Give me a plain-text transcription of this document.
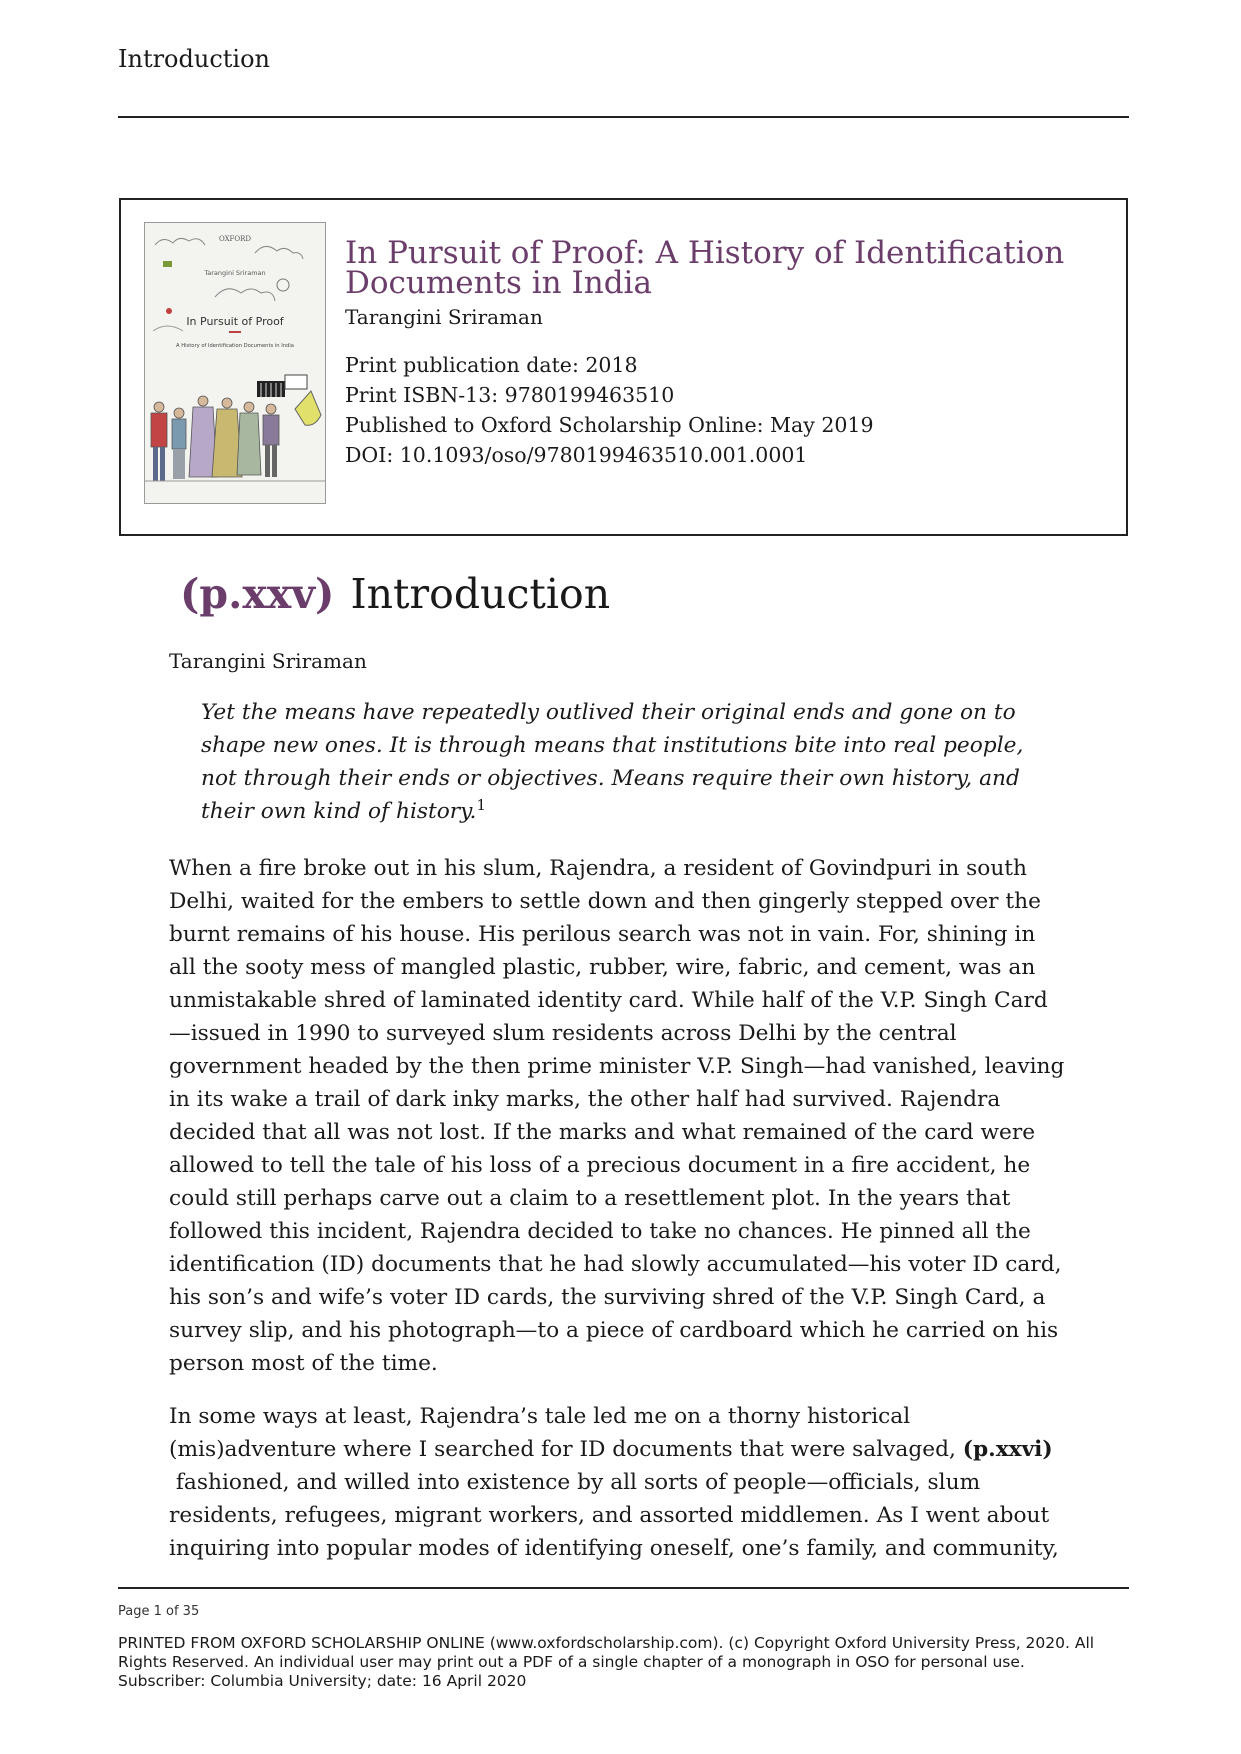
Introduction
OXFORD
Tarangini Sriraman
In Pursuit of Proof
A History of Identification Documents in India
In Pursuit of Proof: A History of Identification Documents in India
Tarangini Sriraman
Print publication date: 2018
Print ISBN-13: 9780199463510
Published to Oxford Scholarship Online: May 2019
DOI: 10.1093/oso/9780199463510.001.0001
(p.xxv) Introduction
Tarangini Sriraman
Yet the means have repeatedly outlived their original ends and gone on to
shape new ones. It is through means that institutions bite into real people,
not through their ends or objectives. Means require their own history, and
their own kind of history.$^1$
When a fire broke out in his slum, Rajendra, a resident of Govindpuri in south
Delhi, waited for the embers to settle down and then gingerly stepped over the
burnt remains of his house. His perilous search was not in vain. For, shining in
all the sooty mess of mangled plastic, rubber, wire, fabric, and cement, was an
unmistakable shred of laminated identity card. While half of the V.P. Singh Card
—issued in 1990 to surveyed slum residents across Delhi by the central
government headed by the then prime minister V.P. Singh—had vanished, leaving
in its wake a trail of dark inky marks, the other half had survived. Rajendra
decided that all was not lost. If the marks and what remained of the card were
allowed to tell the tale of his loss of a precious document in a fire accident, he
could still perhaps carve out a claim to a resettlement plot. In the years that
followed this incident, Rajendra decided to take no chances. He pinned all the
identification (ID) documents that he had slowly accumulated—his voter ID card,
his son’s and wife’s voter ID cards, the surviving shred of the V.P. Singh Card, a
survey slip, and his photograph—to a piece of cardboard which he carried on his
person most of the time.
In some ways at least, Rajendra’s tale led me on a thorny historical
(mis)adventure where I searched for ID documents that were salvaged, (p.xxvi)
fashioned, and willed into existence by all sorts of people—officials, slum
residents, refugees, migrant workers, and assorted middlemen. As I went about
inquiring into popular modes of identifying oneself, one’s family, and community,
Page 1 of 35
PRINTED FROM OXFORD SCHOLARSHIP ONLINE (www.oxfordscholarship.com). (c) Copyright Oxford University Press, 2020. All
Rights Reserved. An individual user may print out a PDF of a single chapter of a monograph in OSO for personal use.
Subscriber: Columbia University; date: 16 April 2020
